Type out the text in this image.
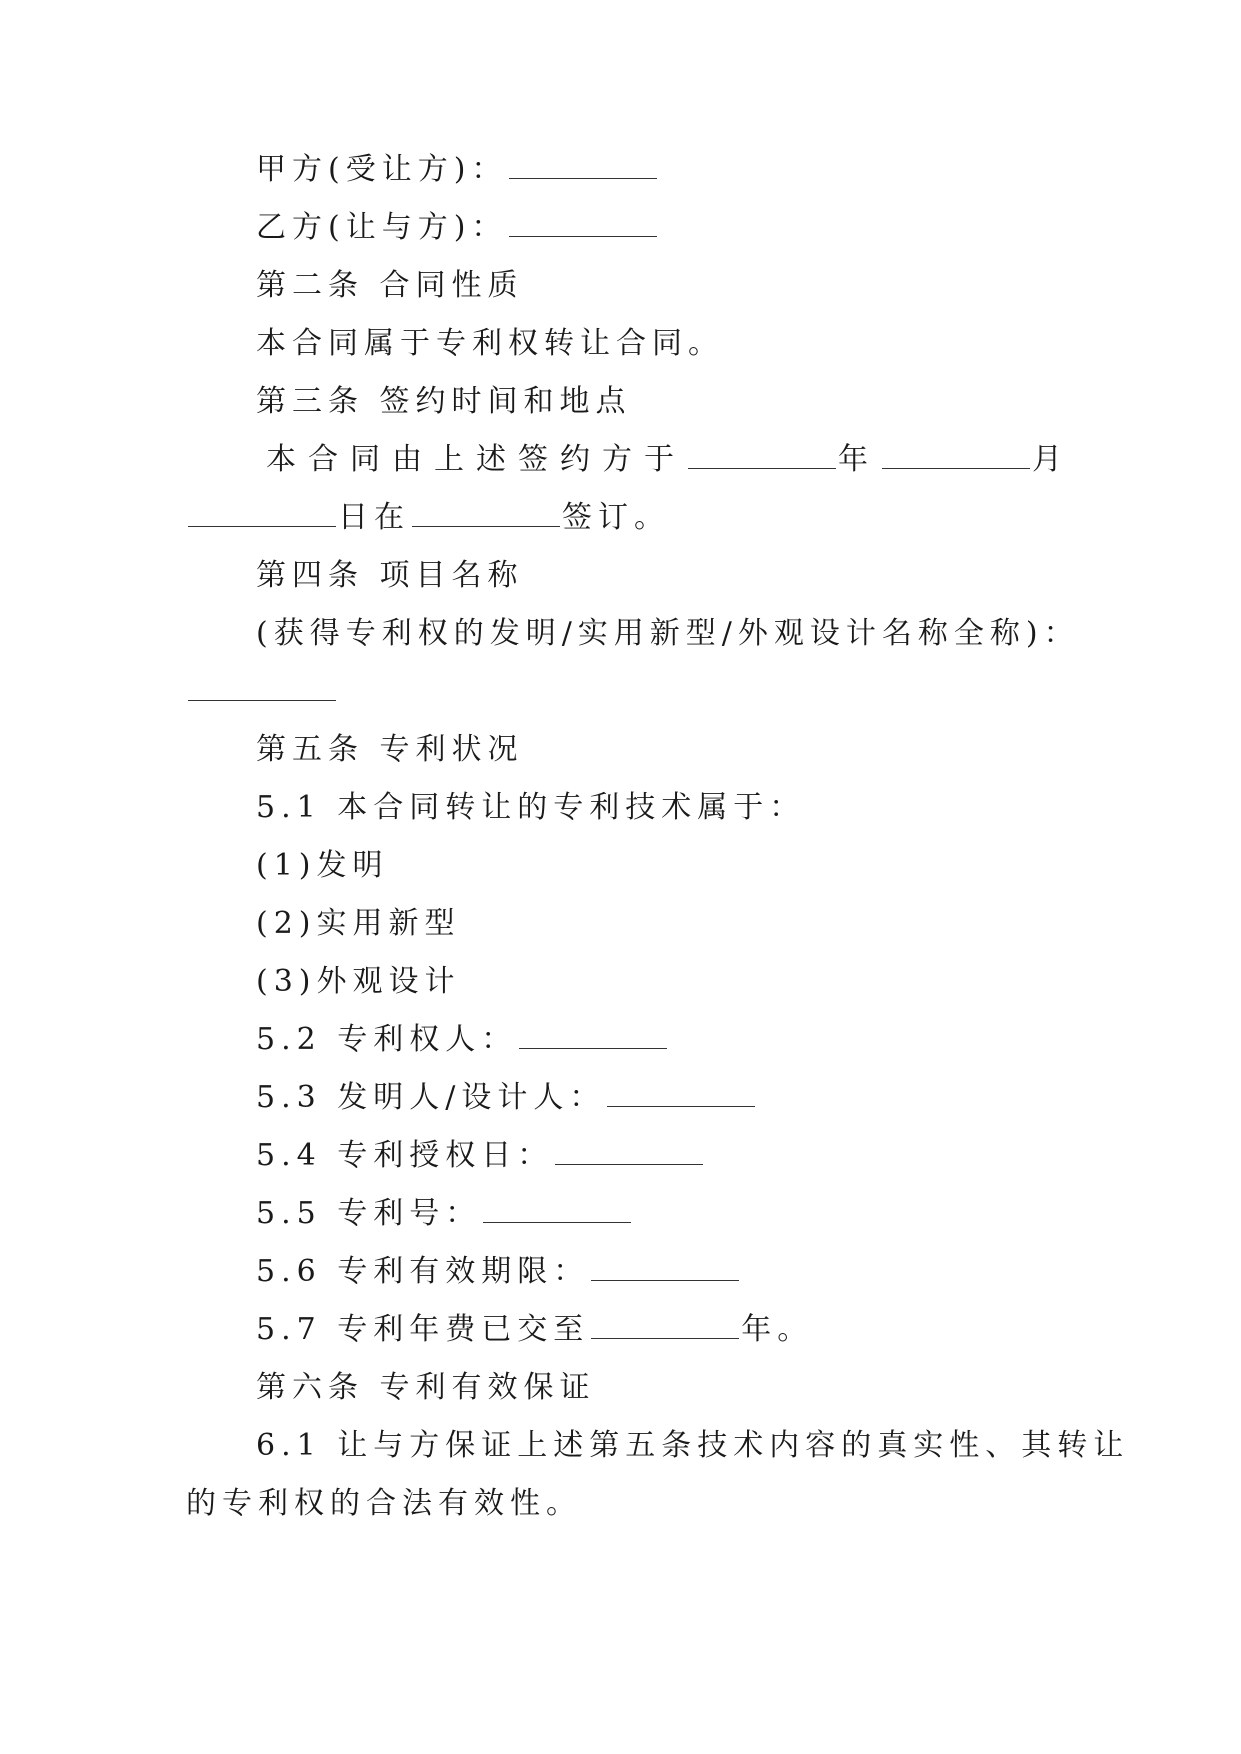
甲方(受让方)：
乙方(让与方)：
第二条 合同性质
本合同属于专利权转让合同。
第三条 签约时间和地点
本合同由上述签约方于	年	月
日在	签订。
第四条 项目名称
(获得专利权的发明/实用新型/外观设计名称全称)：
第五条 专利状况
5.1 本合同转让的专利技术属于：
(1)发明
(2)实用新型
(3)外观设计
5.2 专利权人：
5.3 发明人/设计人：
5.4 专利授权日：
5.5 专利号：
5.6 专利有效期限：
5.7 专利年费已交至	年。
第六条 专利有效保证
6.1 让与方保证上述第五条技术内容的真实性、其转让
的专利权的合法有效性。
